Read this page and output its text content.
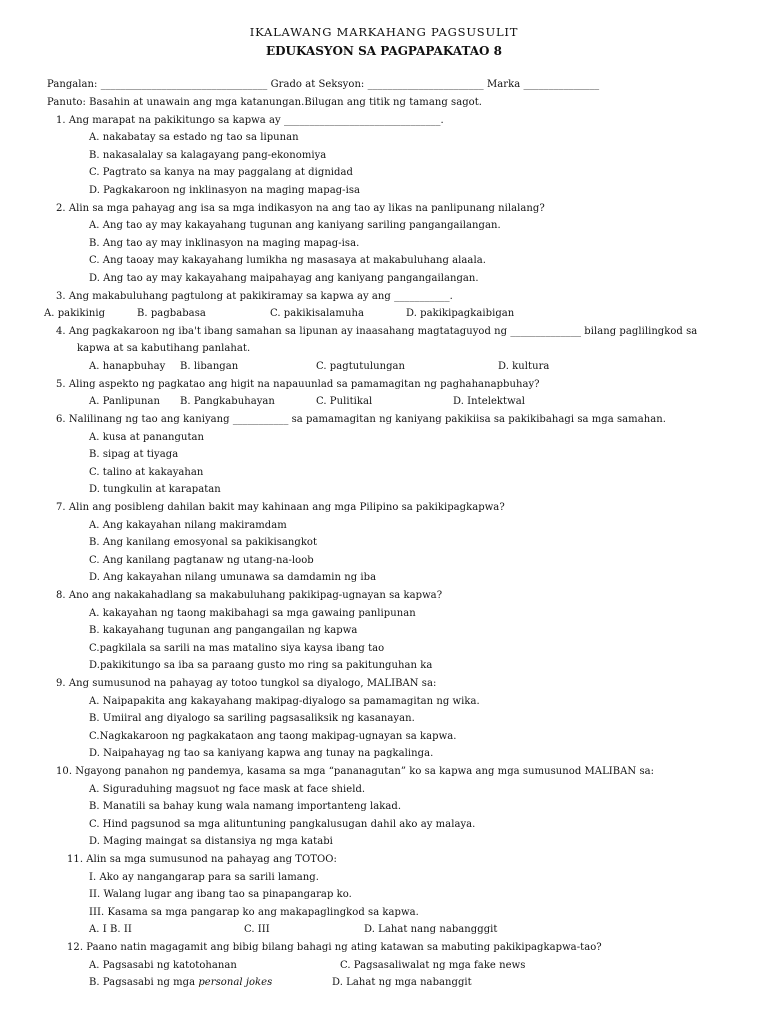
IKALAWANG MARKAHANG PAGSUSULIT
EDUKASYON SA PAGPAPAKATAO 8
Pangalan: _________________________________ Grado at Seksyon: _______________________ Marka _______________
Panuto: Basahin at unawain ang mga katanungan.Bilugan ang titik ng tamang sagot.
1. Ang marapat na pakikitungo sa kapwa ay _______________________________.
A. nakabatay sa estado ng tao sa lipunan
B. nakasalalay sa kalagayang pang-ekonomiya
C. Pagtrato sa kanya na may paggalang at dignidad
D. Pagkakaroon ng inklinasyon na maging mapag-isa
2. Alin sa mga pahayag ang isa sa mga indikasyon na ang tao ay likas na panlipunang nilalang?
A. Ang tao ay may kakayahang tugunan ang kaniyang sariling pangangailangan.
B. Ang tao ay may inklinasyon na maging mapag-isa.
C. Ang taoay may kakayahang lumikha ng masasaya at makabuluhang alaala.
D. Ang tao ay may kakayahang maipahayag ang kaniyang pangangailangan.
3. Ang makabuluhang pagtulong at pakikiramay sa kapwa ay ang ___________.
A. pakikinig	B. pagbabasa	C. pakikisalamuha	D. pakikipagkaibigan
4. Ang pagkakaroon ng iba't ibang samahan sa lipunan ay inaasahang magtataguyod ng ______________ bilang paglilingkod sa
kapwa at sa kabutihang panlahat.
A. hanapbuhay B. libangan	C. pagtutulungan	D. kultura
5. Aling aspekto ng pagkatao ang higit na napauunlad sa pamamagitan ng paghahanapbuhay?
A. Panlipunan B. Pangkabuhayan	C. Pulitikal	D. Intelektwal
6. Nalilinang ng tao ang kaniyang ___________ sa pamamagitan ng kaniyang pakikiisa sa pakikibahagi sa mga samahan.
A. kusa at panangutan
B. sipag at tiyaga
C. talino at kakayahan
D. tungkulin at karapatan
7. Alin ang posibleng dahilan bakit may kahinaan ang mga Pilipino sa pakikipagkapwa?
A. Ang kakayahan nilang makiramdam
B. Ang kanilang emosyonal sa pakikisangkot
C. Ang kanilang pagtanaw ng utang-na-loob
D. Ang kakayahan nilang umunawa sa damdamin ng iba
8. Ano ang nakakahadlang sa makabuluhang pakikipag-ugnayan sa kapwa?
A. kakayahan ng taong makibahagi sa mga gawaing panlipunan
B. kakayahang tugunan ang pangangailan ng kapwa
C.pagkilala sa sarili na mas matalino siya kaysa ibang tao
D.pakikitungo sa iba sa paraang gusto mo ring sa pakitunguhan ka
9. Ang sumusunod na pahayag ay totoo tungkol sa diyalogo, MALIBAN sa:
A. Naipapakita ang kakayahang makipag-diyalogo sa pamamagitan ng wika.
B. Umiiral ang diyalogo sa sariling pagsasaliksik ng kasanayan.
C.Nagkakaroon ng pagkakataon ang taong makipag-ugnayan sa kapwa.
D. Naipahayag ng tao sa kaniyang kapwa ang tunay na pagkalinga.
10. Ngayong panahon ng pandemya, kasama sa mga “pananagutan” ko sa kapwa ang mga sumusunod MALIBAN sa:
A. Siguraduhing magsuot ng face mask at face shield.
B. Manatili sa bahay kung wala namang importanteng lakad.
C. Hind pagsunod sa mga alituntuning pangkalusugan dahil ako ay malaya.
D. Maging maingat sa distansiya ng mga katabi
11. Alin sa mga sumusunod na pahayag ang TOTOO:
I. Ako ay nangangarap para sa sarili lamang.
II. Walang lugar ang ibang tao sa pinapangarap ko.
III. Kasama sa mga pangarap ko ang makapaglingkod sa kapwa.
A. I B. II	C. III	D. Lahat nang nabangggit
12. Paano natin magagamit ang bibig bilang bahagi ng ating katawan sa mabuting pakikipagkapwa-tao?
A. Pagsasabi ng katotohanan	C. Pagsasaliwalat ng mga fake news
B. Pagsasabi ng mga personal jokes	D. Lahat ng mga nabanggit
